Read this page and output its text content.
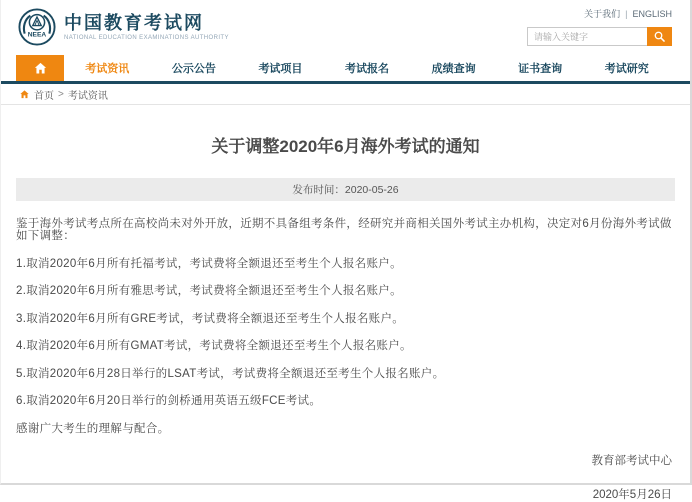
NEEA
中国教育考试网
NATIONAL EDUCATION EXAMINATIONS AUTHORITY
关于我们 | ENGLISH
请输入关键字
考试资讯	公示公告	考试项目	考试报名	成绩查询	证书查询	考试研究
首页 > 考试资讯
关于调整2020年6月海外考试的通知
发布时间：2020-05-26

鉴于海外考试考点所在高校尚未对外开放，近期不具备组考条件，经研究并商相关国外考试主办机构，决定对6月份海外考试做如下调整：

1.取消2020年6月所有托福考试，考试费将全额退还至考生个人报名账户。

2.取消2020年6月所有雅思考试，考试费将全额退还至考生个人报名账户。

3.取消2020年6月所有GRE考试，考试费将全额退还至考生个人报名账户。

4.取消2020年6月所有GMAT考试，考试费将全额退还至考生个人报名账户。

5.取消2020年6月28日举行的LSAT考试，考试费将全额退还至考生个人报名账户。

6.取消2020年6月20日举行的剑桥通用英语五级FCE考试。

感谢广大考生的理解与配合。

教育部考试中心
2020年5月26日
